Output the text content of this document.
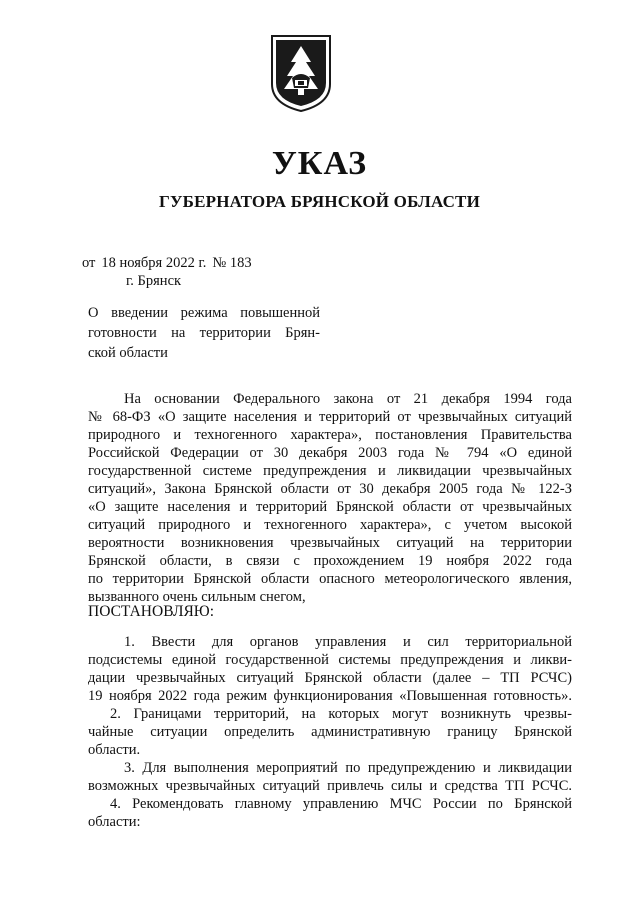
УКАЗ
ГУБЕРНАТОРА БРЯНСКОЙ ОБЛАСТИ
от 18 ноября 2022 г. № 183
г. Брянск
О введении режима повышенной
готовности на территории Брян-
ской области
На основании Федерального закона от 21 декабря 1994 года
№ 68-ФЗ «О защите населения и территорий от чрезвычайных ситуаций
природного и техногенного характера», постановления Правительства
Российской Федерации от 30 декабря 2003 года № 794 «О единой
государственной системе предупреждения и ликвидации чрезвычайных
ситуаций», Закона Брянской области от 30 декабря 2005 года № 122-З
«О защите населения и территорий Брянской области от чрезвычайных
ситуаций природного и техногенного характера», с учетом высокой
вероятности возникновения чрезвычайных ситуаций на территории
Брянской области, в связи с прохождением 19 ноября 2022 года
по территории Брянской области опасного метеорологического явления,
вызванного очень сильным снегом,
ПОСТАНОВЛЯЮ:
1. Ввести для органов управления и сил территориальной
подсистемы единой государственной системы предупреждения и ликви-
дации чрезвычайных ситуаций Брянской области (далее – ТП РСЧС)
19 ноября 2022 года режим функционирования «Повышенная готовность».
2. Границами территорий, на которых могут возникнуть чрезвы-
чайные ситуации определить административную границу Брянской
области.
3. Для выполнения мероприятий по предупреждению и ликвидации
возможных чрезвычайных ситуаций привлечь силы и средства ТП РСЧС.
4. Рекомендовать главному управлению МЧС России по Брянской
области:
